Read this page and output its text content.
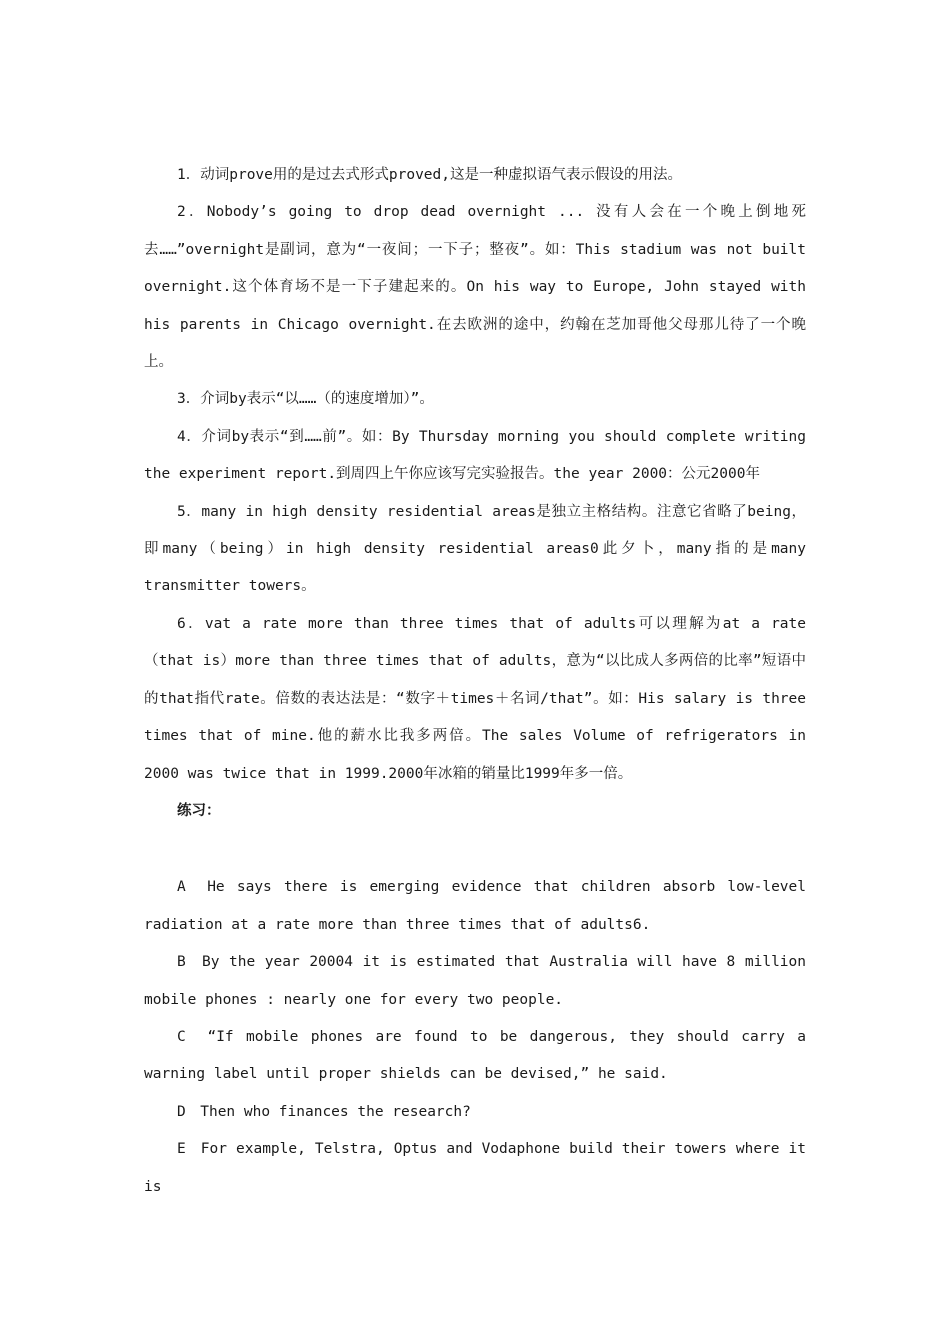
1．动词prove用的是过去式形式proved,这是一种虚拟语气表示假设的用法。

2．Nobody’s going to drop dead overnight ... 没有人会在一个晚上倒地死去……”overnight是副词，意为“一夜间；一下子；整夜”。如：This stadium was not built overnight.这个体育场不是一下子建起来的。On his way to Europe, John stayed with his parents in Chicago overnight.在去欧洲的途中，约翰在芝加哥他父母那儿待了一个晚上。

3．介词by表示“以……（的速度增加）”。

4．介词by表示“到……前”。如：By Thursday morning you should complete writing the experiment report.到周四上午你应该写完实验报告。the year 2000：公元2000年

5．many in high density residential areas是独立主格结构。注意它省略了being，即many（being）in high density residential areas0此夕卜，many指的是many transmitter towers。

6．vat a rate more than three times that of adults可以理解为at a rate（that is）more than three times that of adults，意为“以比成人多两倍的比率”短语中的that指代rate。倍数的表达法是：“数字＋times＋名词/that”。如：His salary is three times that of mine.他的薪水比我多两倍。The sales Volume of refrigerators in 2000 was twice that in 1999.2000年冰箱的销量比1999年多一倍。

练习：

A　He says there is emerging evidence that children absorb low-level radiation at a rate more than three times that of adults6.

B　By the year 20004 it is estimated that Australia will have 8 million mobile phones : nearly one for every two people.

C　“If mobile phones are found to be dangerous, they should carry a warning label until proper shields can be devised,” he said.

D　Then who finances the research?

E　For example, Telstra, Optus and Vodaphone build their towers where it is
